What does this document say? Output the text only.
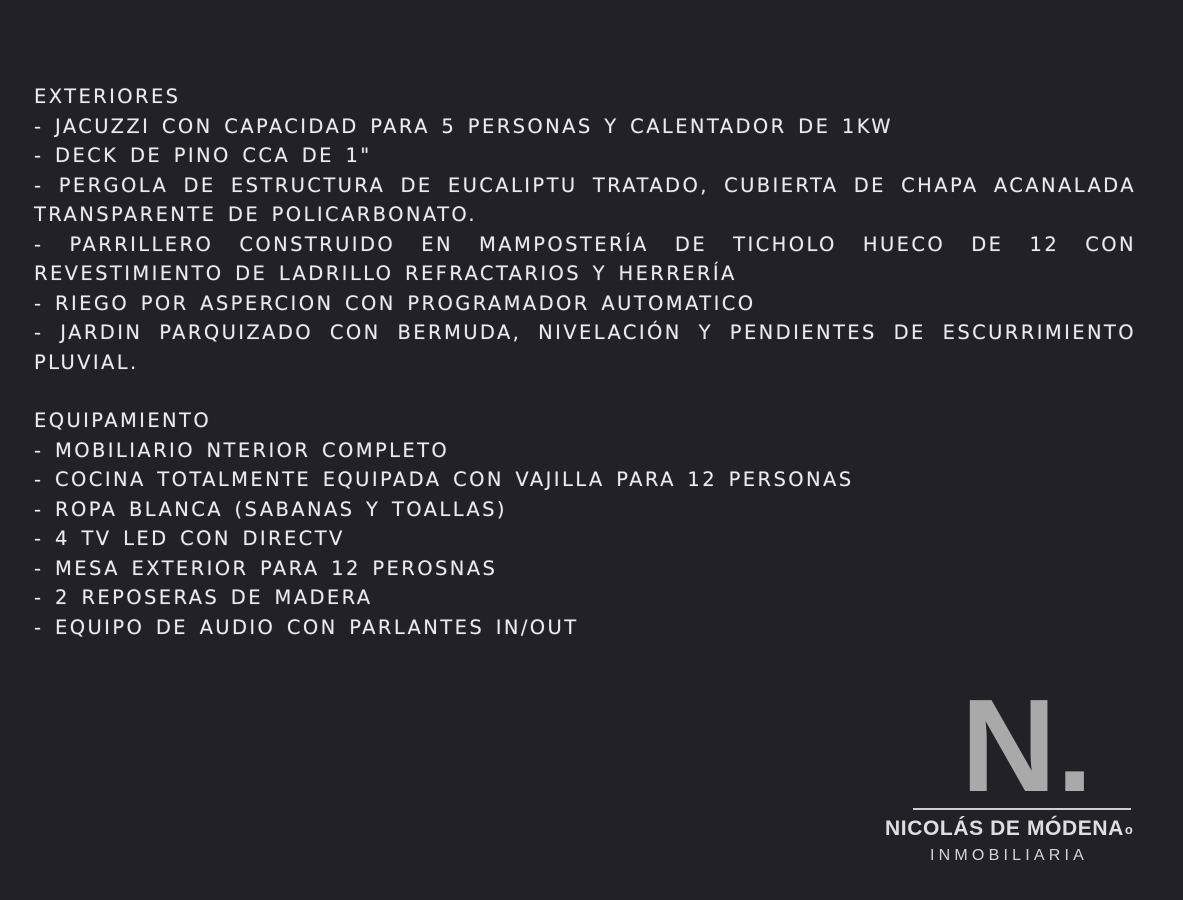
EXTERIORES

- JACUZZI CON CAPACIDAD PARA 5 PERSONAS Y CALENTADOR DE 1KW

- DECK DE PINO CCA DE 1"

- PERGOLA DE ESTRUCTURA DE EUCALIPTU TRATADO, CUBIERTA DE CHAPA ACANALADA TRANSPARENTE DE POLICARBONATO.

- PARRILLERO CONSTRUIDO EN MAMPOSTERÍA DE TICHOLO HUECO DE 12 CON REVESTIMIENTO DE LADRILLO REFRACTARIOS Y HERRERÍA

- RIEGO POR ASPERCION CON PROGRAMADOR AUTOMATICO

- JARDIN PARQUIZADO CON BERMUDA, NIVELACIÓN Y PENDIENTES DE ESCURRIMIENTO PLUVIAL.

EQUIPAMIENTO

- MOBILIARIO NTERIOR COMPLETO

- COCINA TOTALMENTE EQUIPADA CON VAJILLA PARA 12 PERSONAS

- ROPA BLANCA (SABANAS Y TOALLAS)

- 4 TV LED CON DIRECTV

- MESA EXTERIOR PARA 12 PEROSNAS

- 2 REPOSERAS DE MADERA

- EQUIPO DE AUDIO CON PARLANTES IN/OUT

N.
NICOLÁS DE MÓDENAo
INMOBILIARIA
